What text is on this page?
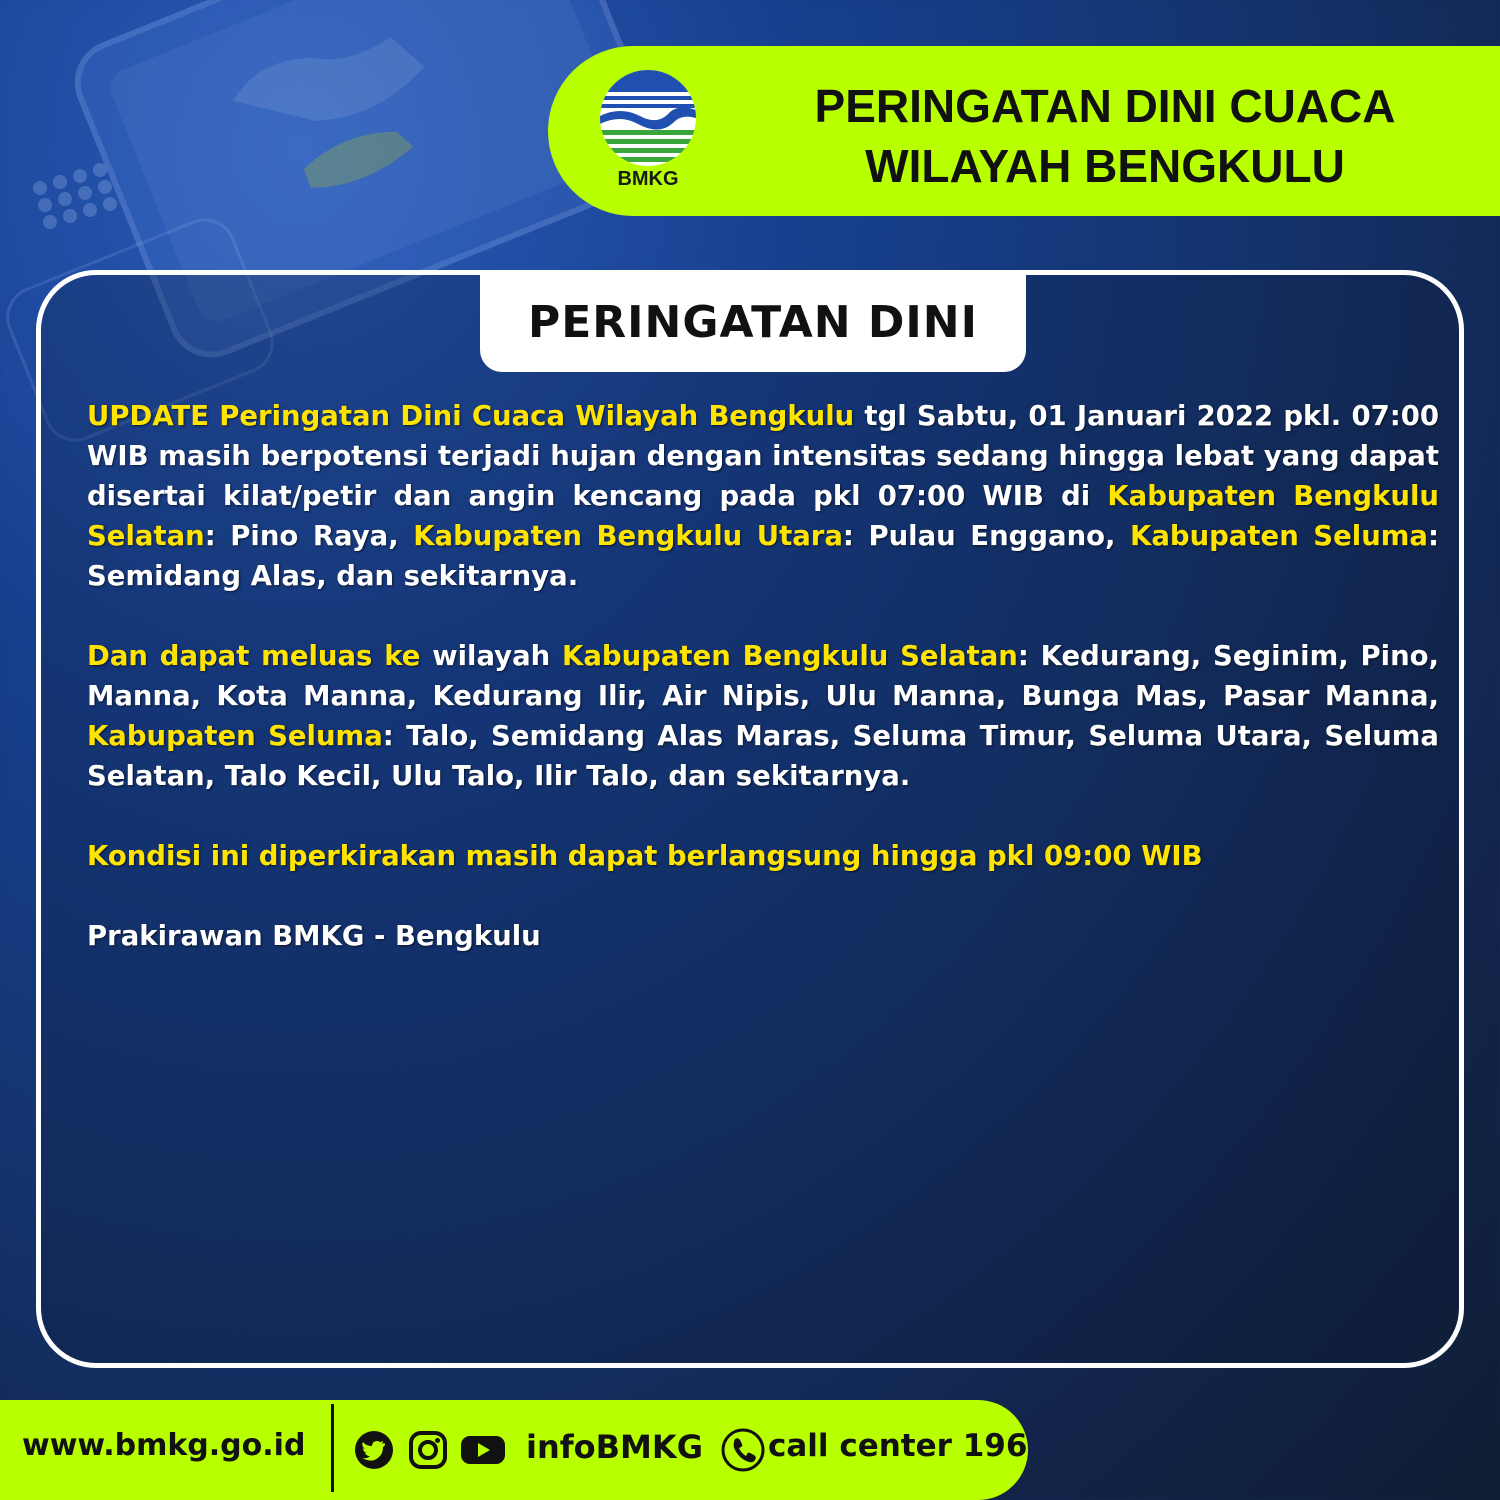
BMKG
PERINGATAN DINI CUACA
WILAYAH BENGKULU
PERINGATAN DINI

UPDATE Peringatan Dini Cuaca Wilayah Bengkulu tgl Sabtu, 01 Januari 2022 pkl. 07:00 WIB masih berpotensi terjadi hujan dengan intensitas sedang hingga lebat yang dapat disertai kilat/petir dan angin kencang pada pkl 07:00 WIB di Kabupaten Bengkulu Selatan: Pino Raya, Kabupaten Bengkulu Utara: Pulau Enggano, Kabupaten Seluma: Semidang Alas, dan sekitarnya.

Dan dapat meluas ke wilayah Kabupaten Bengkulu Selatan: Kedurang, Seginim, Pino, Manna, Kota Manna, Kedurang Ilir, Air Nipis, Ulu Manna, Bunga Mas, Pasar Manna, Kabupaten Seluma: Talo, Semidang Alas Maras, Seluma Timur, Seluma Utara, Seluma Selatan, Talo Kecil, Ulu Talo, Ilir Talo, dan sekitarnya.

Kondisi ini diperkirakan masih dapat berlangsung hingga pkl 09:00 WIB

Prakirawan BMKG - Bengkulu

www.bmkg.go.id	infoBMKG call center 196
